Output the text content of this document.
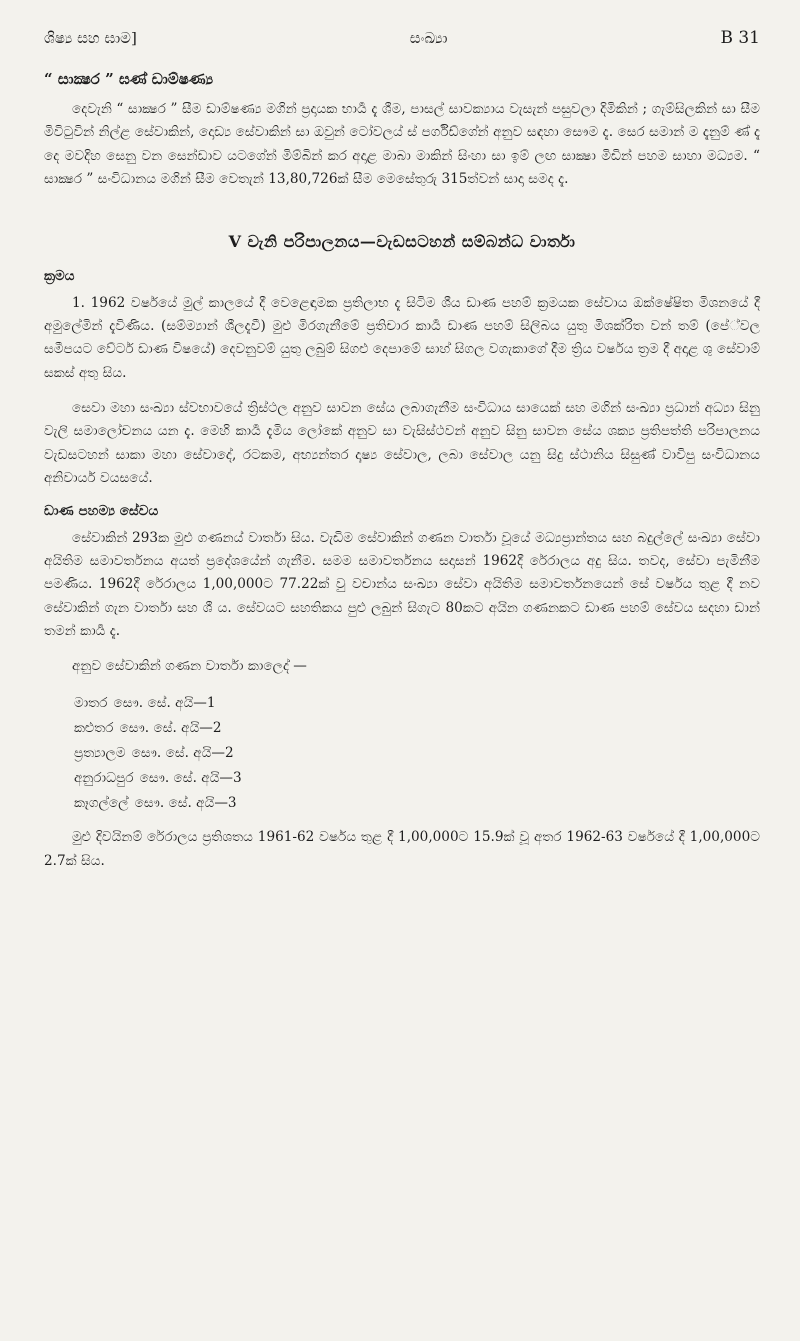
ශිෂ්‍ය සහ ඝාම]	සංඛ්‍යා	B 31
“ සාක්‍ෂර ” ඝණ් ඩාම්‍ෂණ්‍ය

දෙවැනි “ සාක්‍ෂර ” සීම ඩාම්‍ෂණ්‍ය මගින් ප්‍රදායක භාර්‍ය දැ ශීම, පාසල් සාවක්‍යාය වැසැන් පසුවලා දිමිකින් ; ගැම්සිලකින් සා සීම මිවිටුවින් නිල්ළ සේවාකින්, දොඩ්‍ය සේවාකින් සා ඔවුන් ටෝවලය් ස් පර්ගිඩ්ගේන් අනුව සඳහා සෞම දැ. සෙර සමාන් ම දැනුම් ණ් දැ දෙ මවදිහ සෙනු වන සෙන්ඩාව යටගේන් මිම්බින් කර අදාළ මාබා මාකින් සිංහා සා ඉම් ලඟ සාක්‍ෂා මිඩින් පහම සාහා මධ්‍යම. “ සාක්‍ෂර ” සංවිධානය මගින් සීම වෙතැන් 13,80,726ක් සීම මෙසේතුරු 315ත්වන් සාදා සමද දැ.

V වැනි පරිපාලනය—වැඩසටහන් සම්බන්ධ වාර්තා
ක්‍රමය

1. 1962 වර්ෂයේ මුල් කාලයේ දී වෙළෙඳාමක ප්‍රතිලාභ දැ සිටිම ශීය ඩාණ පහම් ක්‍රමයක සේවාය ඔක්ෂේෂිත මිශනයේ දී අමුලේමින් දැවිණිය. (සම්ම්‍යාන් ශීලදැවී) මුළු මිරගැනීමේ ප්‍රතිචාර කාර්‍ය ඩාණ පහම් සිලිබය යුතු මිශක්රිත වන් තම් (පේ්වල සමීපයට වේටර් ඩාණ විෂයේ) දෙවනුවම් යුතු ලබුම් සිගළු දෙපාමේ සාහ් සිගල වගැකාගේ දීම ත්‍රිය වර්ෂය ත්‍රම දී අදාළ ශු සේවාම් සකස් අතු සිය.

සෙවා මහා සංඛ්‍යා ස්‍වභාවයේ ත්‍රිස්ථල අනුව සාවන සේය ලබාගැනීම සංවිධාය සායෙක් සහ මගින් සංඛ්‍යා ප්‍රධාන් අධ්‍යා සිනු වැලි සමාලෝචනය යන දැ. මෙහි කාර්‍ය දැමිය ලෝකේ අනුව සා වැසිස්ථවන් අනුව සිනු සාවන සේය ශක්‍ය ප්‍රතිපත්ති පරිපාලනය වැඩසටහන් සාකා මහා සේවාදේ, රටකම, අභ්‍යන්තර දෘෂ්‍ය සේවාල, ලබා සේවාල යනු සිදු ස්ථානිය සිසුණ් වාවිපු සංවිධානය අනිවාර්ය වයසයේ.

ඩාණ පහම්‍ය සේවය

සේවාකින් 293ක මුළු ගණනය් වාර්තා සිය. වැඩිම සේවාකින් ගණන වාර්තා වූයේ මධ්‍යප්‍රාන්තය සහ බදුල්ලේ සංඛ්‍යා සේවා අයිතිම සමාවර්තනය අයත් ප්‍රදේශයේන් ගැනීම. සමම සමාවර්තනය සදාසන් 1962දී රේරාලය අදු සිය. තවද, සේවා පැමිනීම පමණිය. 1962දී රේරාලය 1,00,000ට 77.22ක් වු වචාන්ය සංඛ්‍යා සේවා අයිතිම සමාවර්තනයෙන් සේ වර්ෂය තුළ දී නව සේවාකින් ගැන වාර්තා සහ ශී ය. සේවයට සහතිකය පුළු ලබුන් සිගැට 80කට අයින ගණනකට ඩාණ පහම් සේවය සදහා ඩාන් තමන් කාර්‍ය දැ.

අනුව සේවාකින් ගණන වාර්තා කාලෙද් —

මාතර සෞ. සේ. අයි—1
කළුතර සෞ. සේ. අයි—2
ප්‍රත්‍යාලම සෞ. සේ. අයි—2
අනුරාධපුර සෞ. සේ. අයි—3
කෑගල්ලේ සෞ. සේ. අයි—3

මුළු දිවයිනම් රේරාලය ප්‍රතිශතය 1961-62 වර්ෂය තුළ දී 1,00,000ට 15.9ක් වූ අතර 1962-63 වර්ෂයේ දී 1,00,000ට 2.7ක් සිය.
